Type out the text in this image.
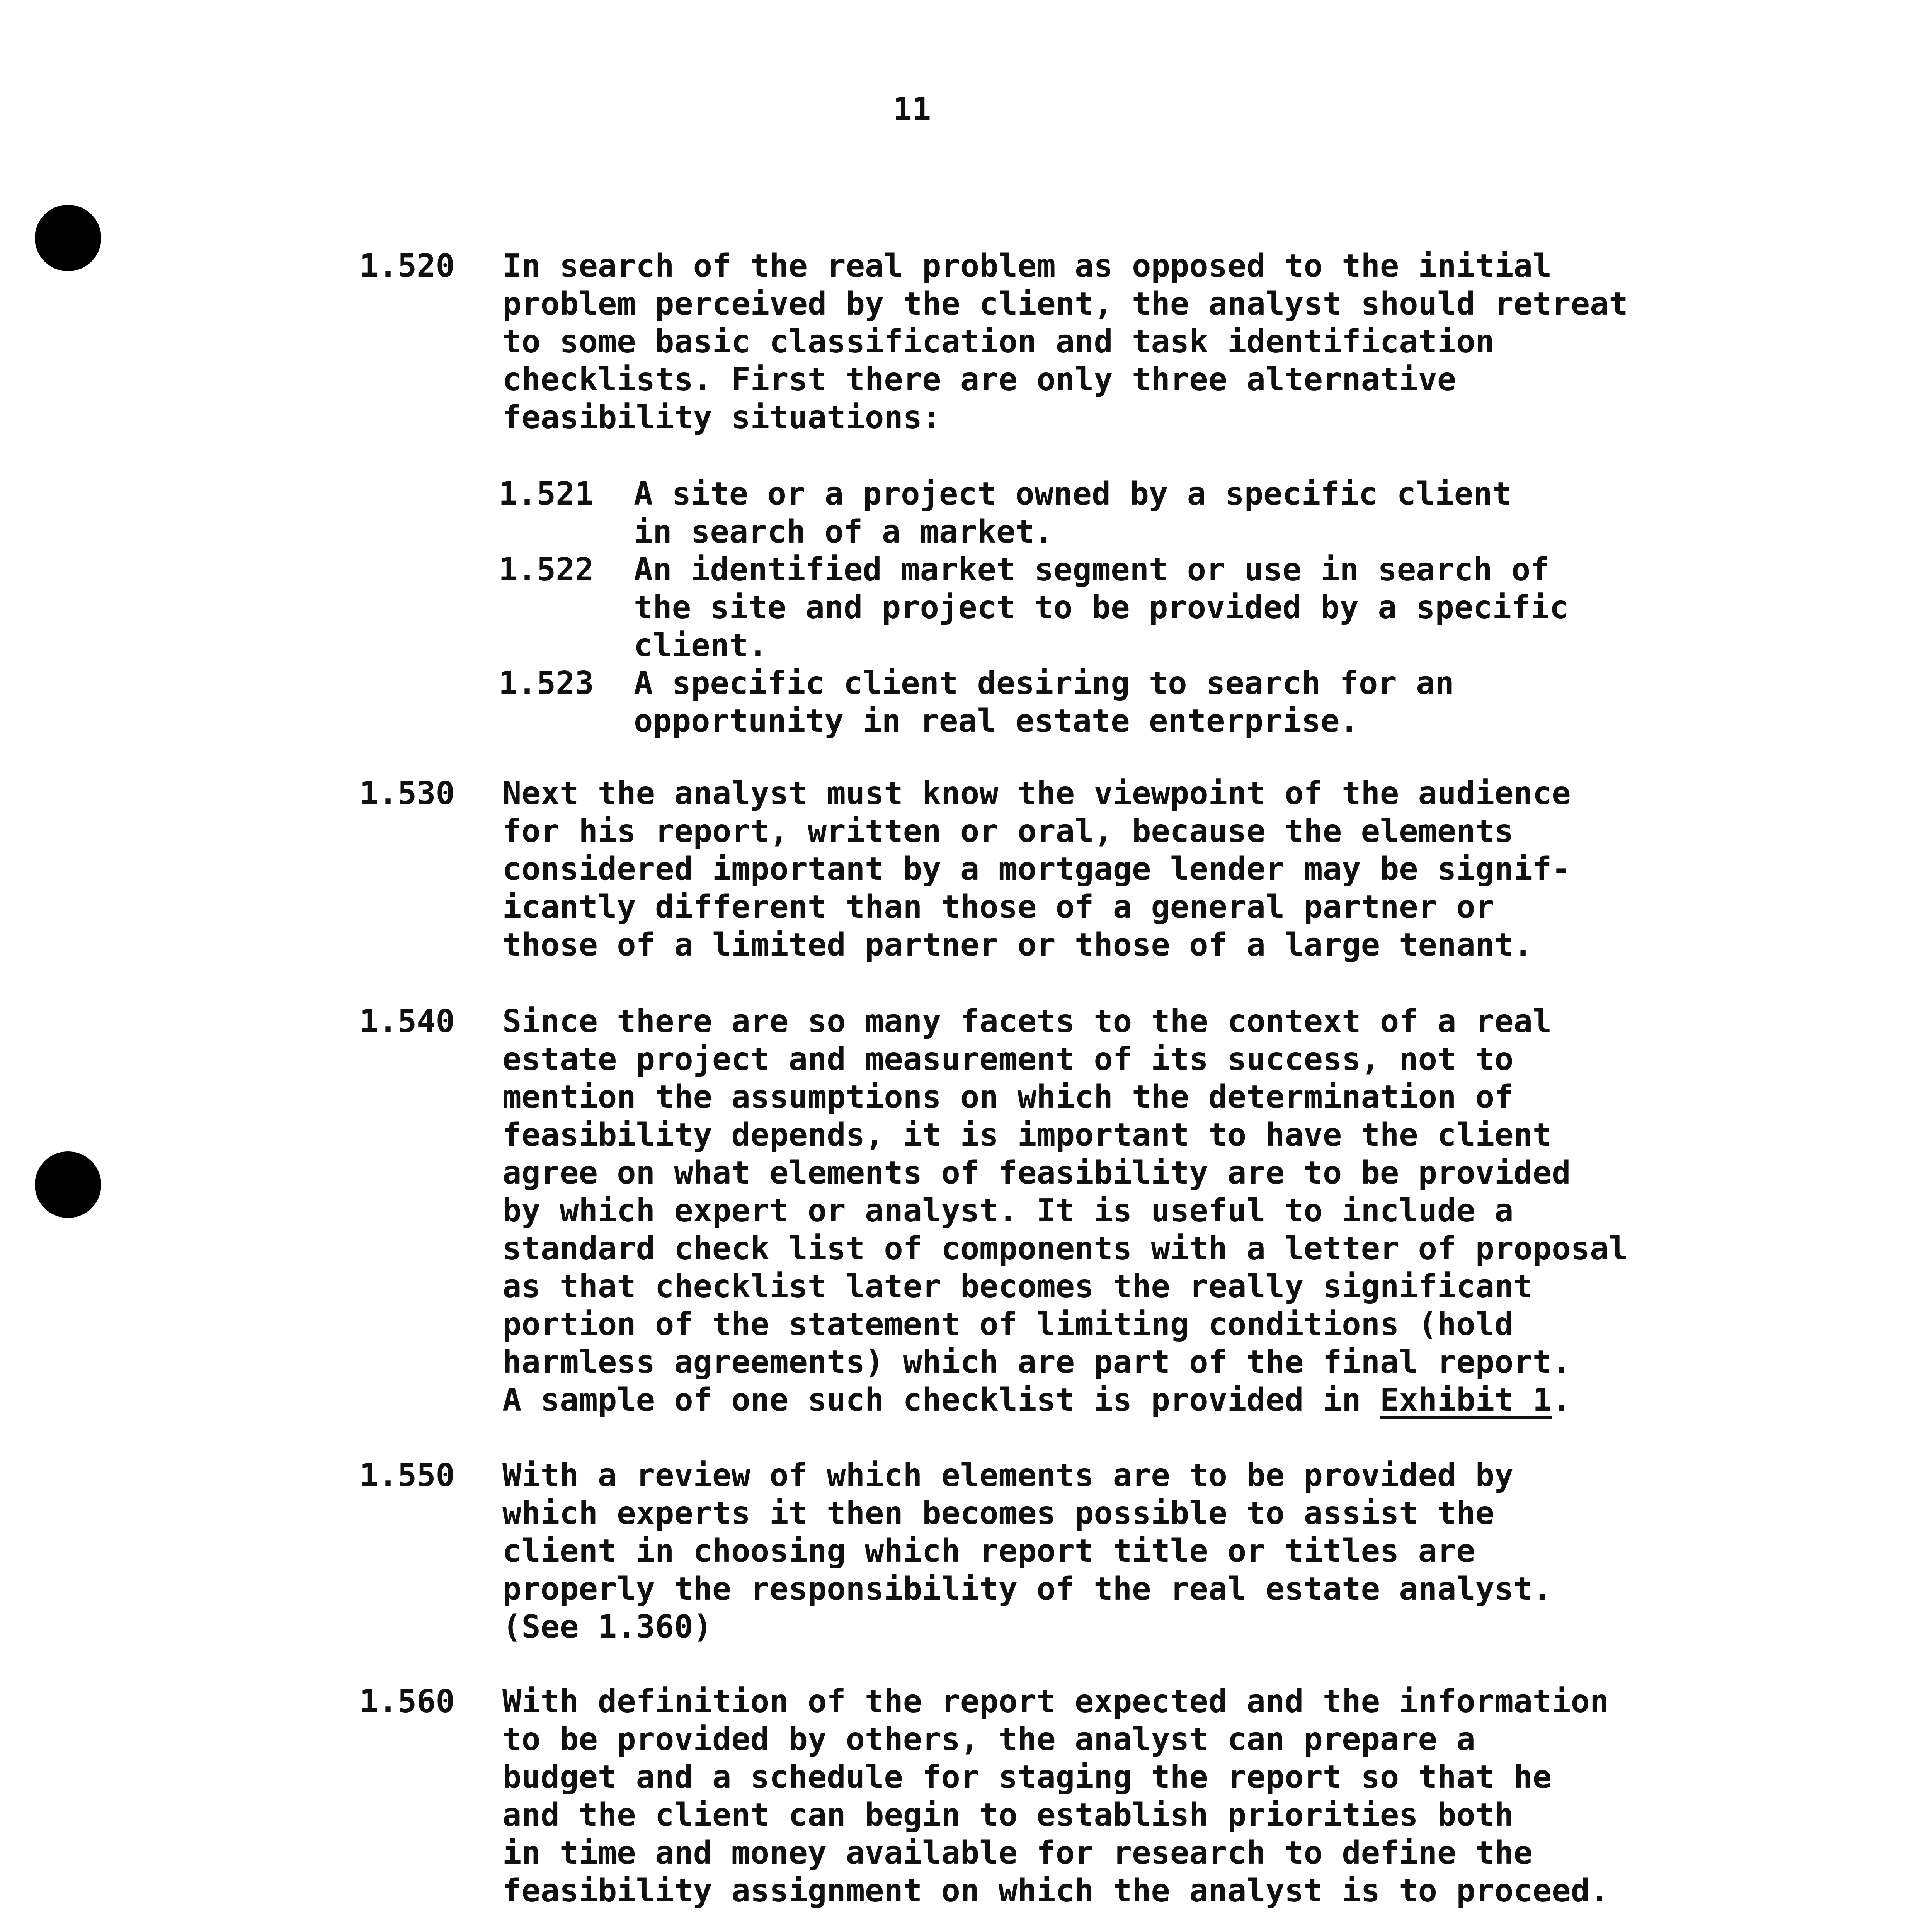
11
1.520	In search of the real problem as opposed to the initial
problem perceived by the client, the analyst should retreat
to some basic classification and task identification
checklists. First there are only three alternative
feasibility situations:
1.521	A site or a project owned by a specific client
in search of a market.
1.522	An identified market segment or use in search of
the site and project to be provided by a specific
client.
1.523	A specific client desiring to search for an
opportunity in real estate enterprise.
1.530	Next the analyst must know the viewpoint of the audience
for his report, written or oral, because the elements
considered important by a mortgage lender may be signif-
icantly different than those of a general partner or
those of a limited partner or those of a large tenant.
1.540	Since there are so many facets to the context of a real
estate project and measurement of its success, not to
mention the assumptions on which the determination of
feasibility depends, it is important to have the client
agree on what elements of feasibility are to be provided
by which expert or analyst. It is useful to include a
standard check list of components with a letter of proposal
as that checklist later becomes the really significant
portion of the statement of limiting conditions (hold
harmless agreements) which are part of the final report.
A sample of one such checklist is provided in Exhibit 1.
1.550	With a review of which elements are to be provided by
which experts it then becomes possible to assist the
client in choosing which report title or titles are
properly the responsibility of the real estate analyst.
(See 1.360)
1.560	With definition of the report expected and the information
to be provided by others, the analyst can prepare a
budget and a schedule for staging the report so that he
and the client can begin to establish priorities both
in time and money available for research to define the
feasibility assignment on which the analyst is to proceed.
